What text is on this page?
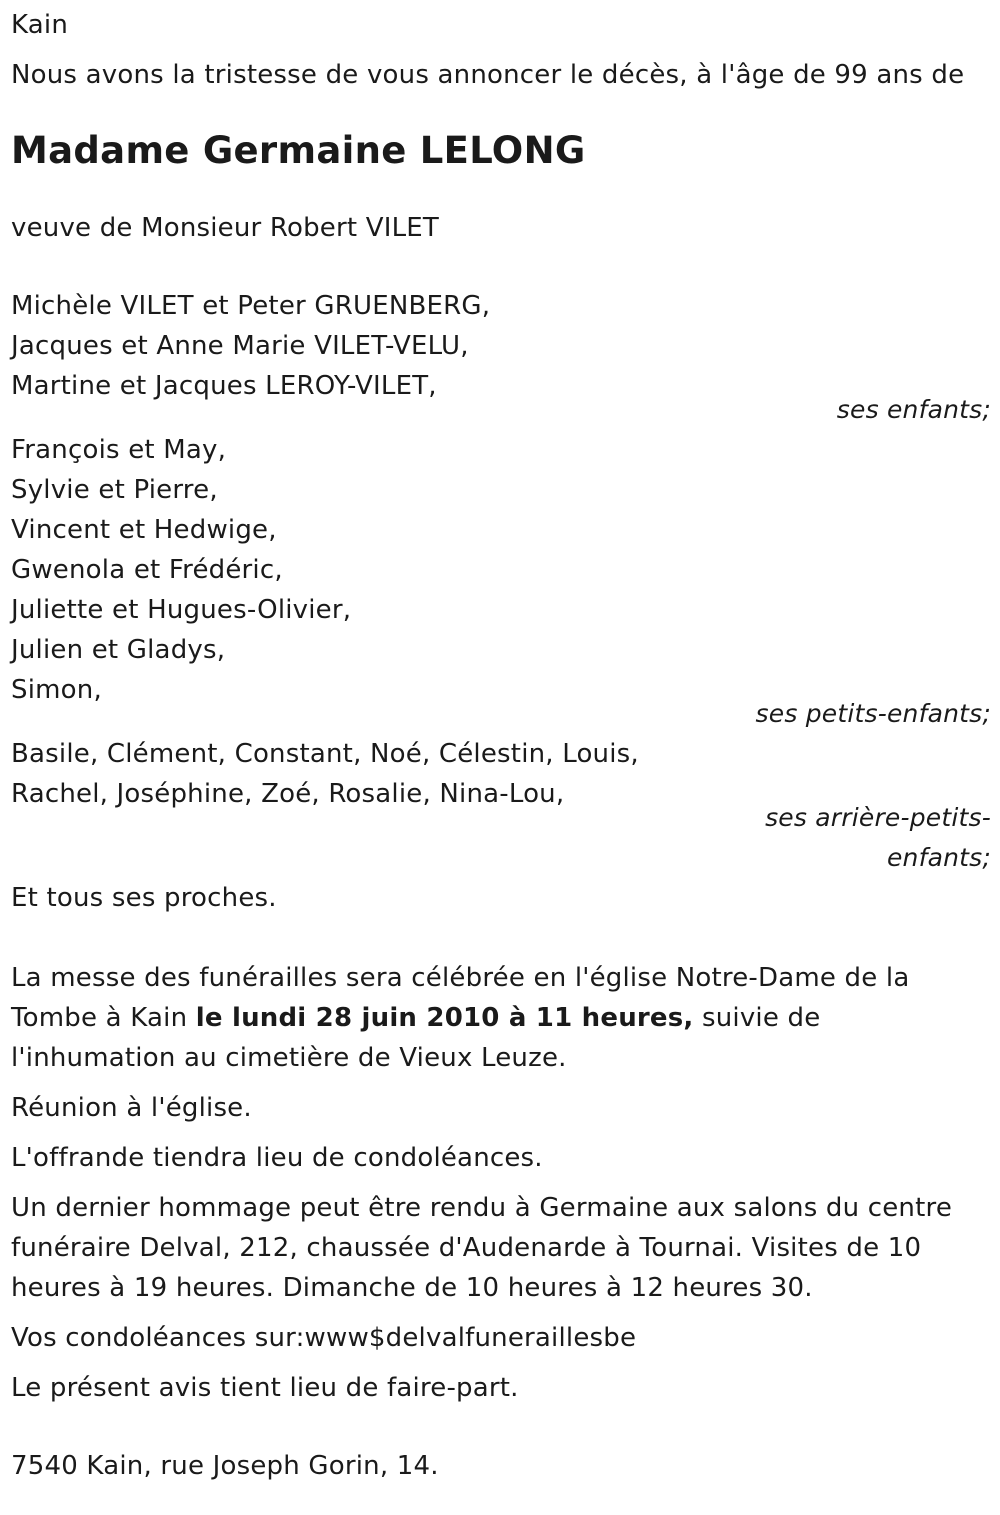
Kain
Nous avons la tristesse de vous annoncer le décès, à l'âge de 99 ans de
Madame Germaine LELONG
veuve de Monsieur Robert VILET
Michèle VILET et Peter GRUENBERG,
Jacques et Anne Marie VILET-VELU,
Martine et Jacques LEROY-VILET,
ses enfants;
François et May,
Sylvie et Pierre,
Vincent et Hedwige,
Gwenola et Frédéric,
Juliette et Hugues-Olivier,
Julien et Gladys,
Simon,
ses petits-enfants;
Basile, Clément, Constant, Noé, Célestin, Louis,
Rachel, Joséphine, Zoé, Rosalie, Nina-Lou,
ses arrière-petits-enfants;
Et tous ses proches.

La messe des funérailles sera célébrée en l'église Notre-Dame de la Tombe à Kain le lundi 28 juin 2010 à 11 heures, suivie de l'inhumation au cimetière de Vieux Leuze.

Réunion à l'église.
L'offrande tiendra lieu de condoléances.

Un dernier hommage peut être rendu à Germaine aux salons du centre funéraire Delval, 212, chaussée d'Audenarde à Tournai. Visites de 10 heures à 19 heures. Dimanche de 10 heures à 12 heures 30.

Vos condoléances sur:www$delvalfuneraillesbe
Le présent avis tient lieu de faire-part.
7540 Kain, rue Joseph Gorin, 14.
